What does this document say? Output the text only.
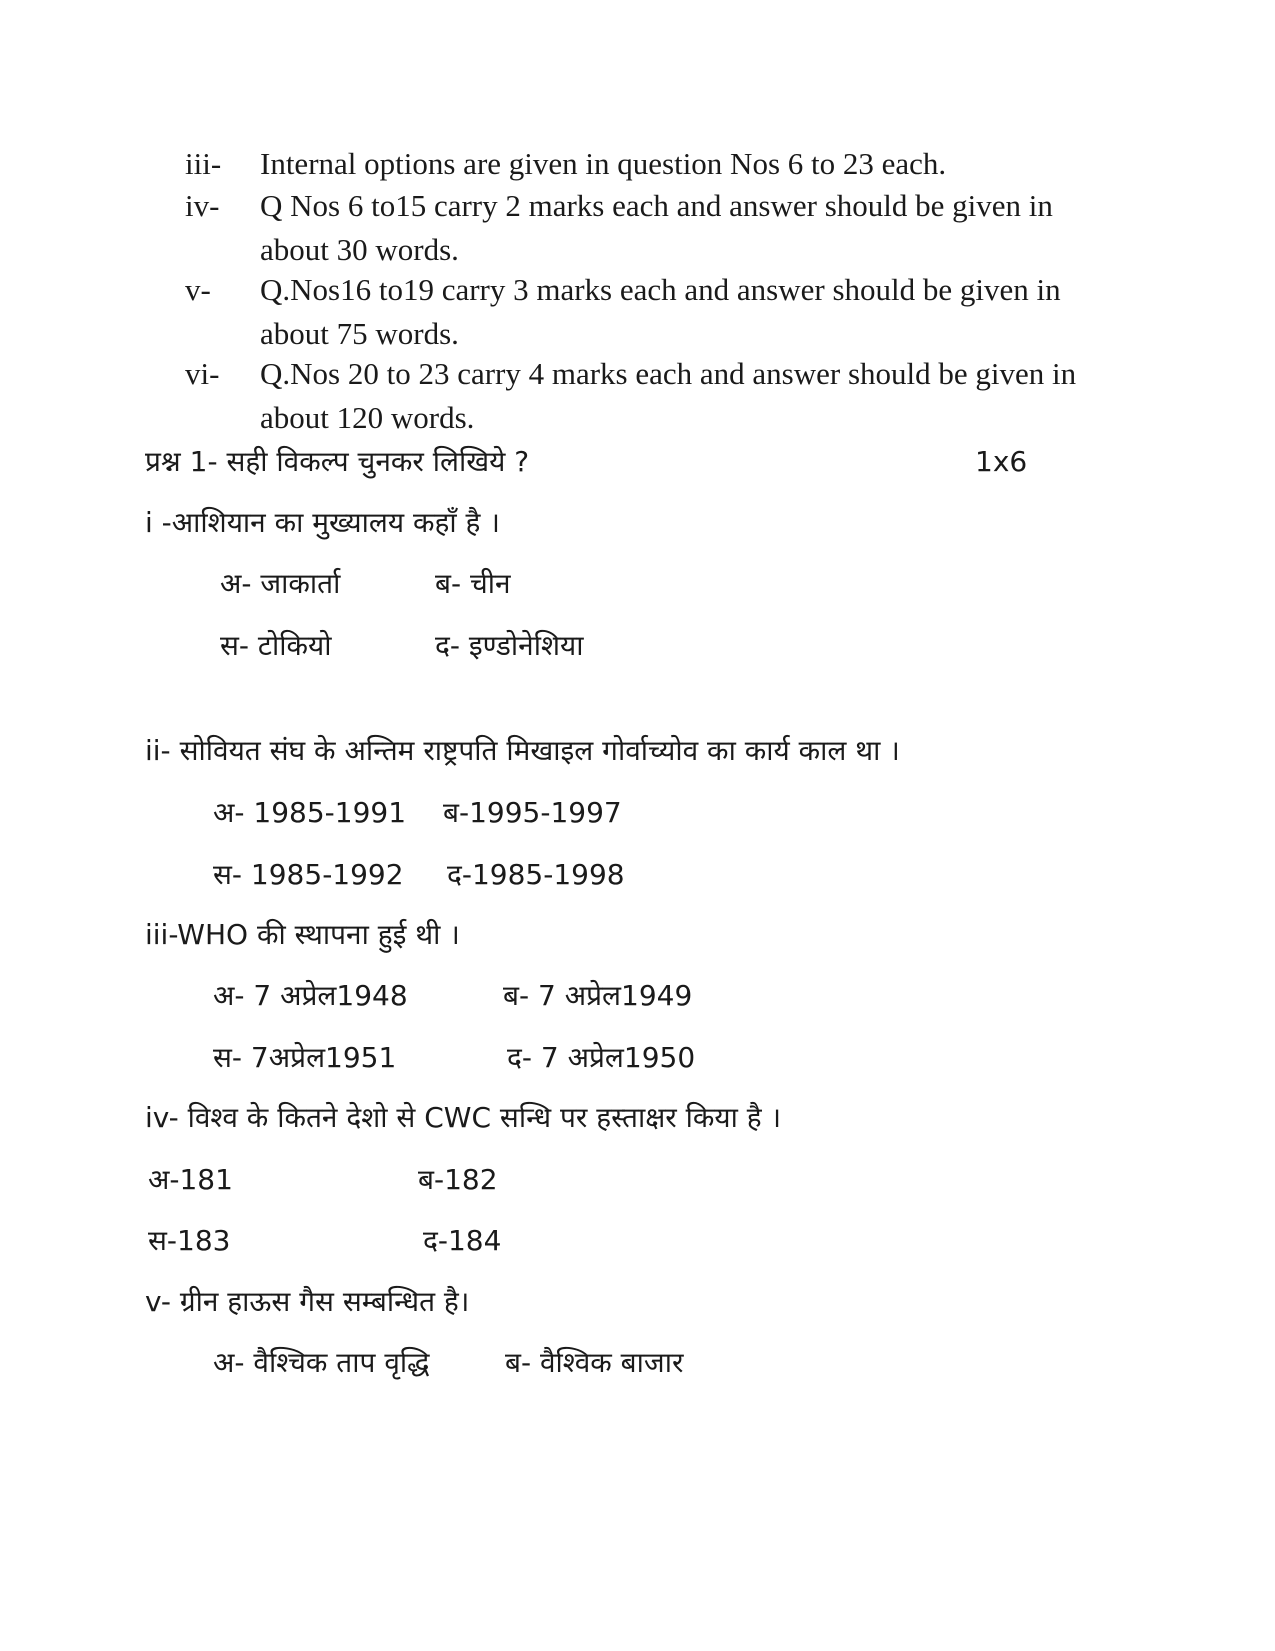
iii-	Internal options are given in question Nos 6 to 23 each.
iv-	Q Nos 6 to15 carry 2 marks each and answer should be given in about 30 words.
v-	Q.Nos16 to19 carry 3 marks each and answer should be given in about 75 words.
vi-	Q.Nos 20 to 23 carry 4 marks each and answer should be given in about 120 words.
प्रश्न 1- सही विकल्प चुनकर लिखिये ?	1x6
i -आशियान का मुख्यालय कहाँ है ।
अ- जाकार्ता	ब- चीन
स- टोकियो	द- इण्डोनेशिया
ii- सोवियत संघ के अन्तिम राष्ट्रपति मिखाइल गोर्वाच्योव का कार्य काल था ।
अ- 1985-1991 ब-1995-1997
स- 1985-1992 द-1985-1998
iii-WHO की स्थापना हुई थी ।
अ- 7 अप्रेल1948	ब- 7 अप्रेल1949
स- 7अप्रेल1951	द- 7 अप्रेल1950
iv- विश्व के कितने देशो से CWC सन्धि पर हस्ताक्षर किया है ।
अ-181	ब-182
स-183	द-184
v- ग्रीन हाऊस गैस सम्बन्धित है।
अ- वैश्चिक ताप वृद्धि	ब- वैश्विक बाजार
